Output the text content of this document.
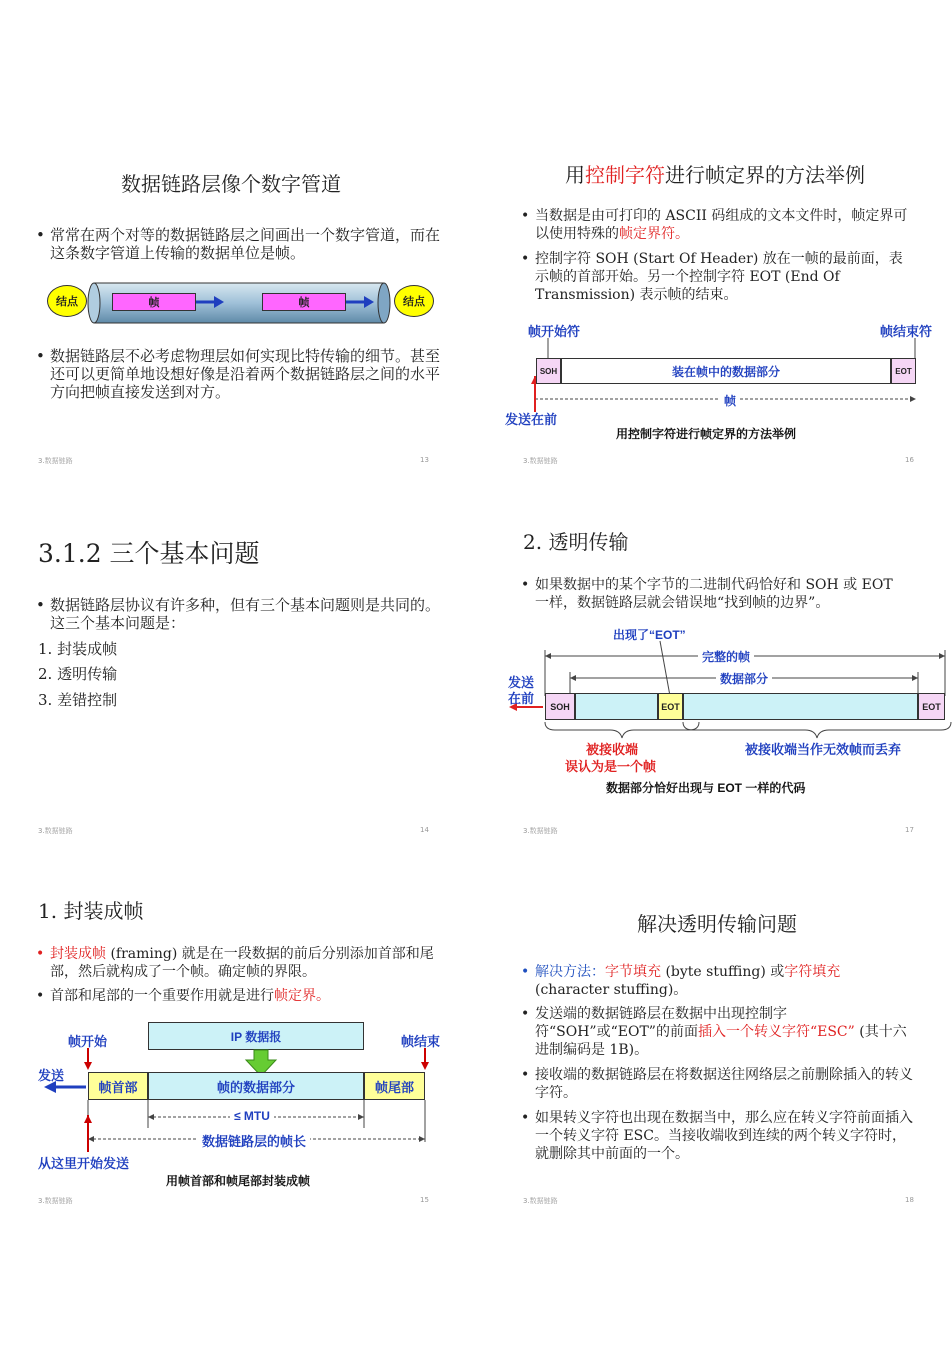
数据链路层像个数字管道
• 常常在两个对等的数据链路层之间画出一个数字管道，而在这条数字管道上传输的数据单位是帧。
结点	结点
帧	帧
• 数据链路层不必考虑物理层如何实现比特传输的细节。甚至还可以更简单地设想好像是沿着两个数据链路层之间的水平方向把帧直接发送到对方。
3.数据链路	13
用控制字符进行帧定界的方法举例
• 当数据是由可打印的 ASCII 码组成的文本文件时，帧定界可以使用特殊的帧定界符。
• 控制字符 SOH (Start Of Header) 放在一帧的最前面，表示帧的首部开始。另一个控制字符 EOT (End Of Transmission) 表示帧的结束。
帧开始符	帧结束符
SOH	装在帧中的数据部分	EOT
帧
发送在前
用控制字符进行帧定界的方法举例
3.数据链路	16
3.1.2 三个基本问题
• 数据链路层协议有许多种，但有三个基本问题则是共同的。这三个基本问题是：
1. 封装成帧
2. 透明传输
3. 差错控制
3.数据链路	14
2. 透明传输
• 如果数据中的某个字节的二进制代码恰好和 SOH 或 EOT 一样，数据链路层就会错误地“找到帧的边界”。
出现了“EOT”
完整的帧
数据部分
发送
在前
SOH	EOT	EOT
被接收端
误认为是一个帧
被接收端当作无效帧而丢弃
数据部分恰好出现与 EOT 一样的代码
3.数据链路	17
1. 封装成帧
• 封装成帧 (framing) 就是在一段数据的前后分别添加首部和尾部，然后就构成了一个帧。确定帧的界限。
• 首部和尾部的一个重要作用就是进行帧定界。
IP 数据报
帧开始	帧结束
发送
帧首部	帧的数据部分	帧尾部
≤ MTU
数据链路层的帧长
从这里开始发送
用帧首部和帧尾部封装成帧
3.数据链路	15
解决透明传输问题
• 解决方法：字节填充 (byte stuffing) 或字符填充 (character stuffing)。
• 发送端的数据链路层在数据中出现控制字符“SOH”或“EOT”的前面插入一个转义字符“ESC” (其十六进制编码是 1B)。
• 接收端的数据链路层在将数据送往网络层之前删除插入的转义字符。
• 如果转义字符也出现在数据当中，那么应在转义字符前面插入一个转义字符 ESC。当接收端收到连续的两个转义字符时，就删除其中前面的一个。
3.数据链路	18
